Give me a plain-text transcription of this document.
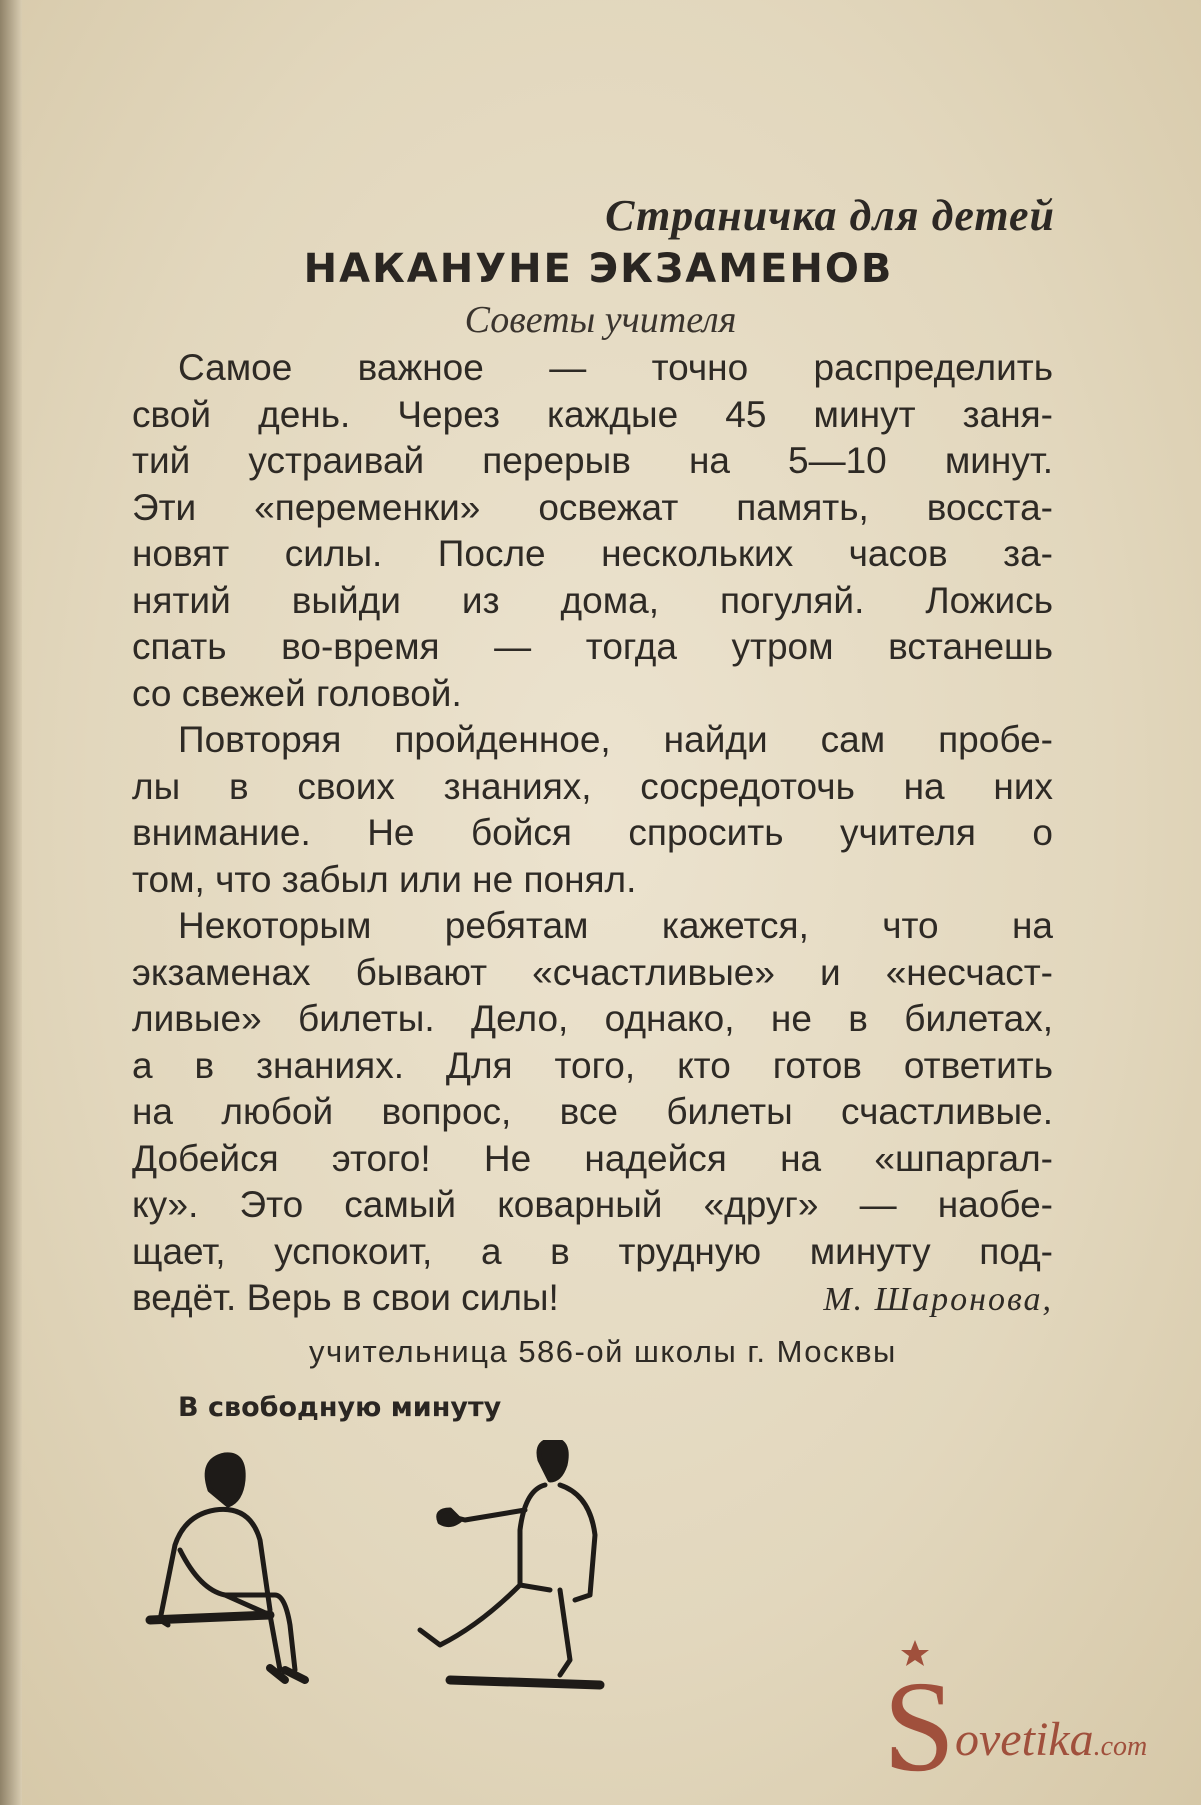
Страничка для детей
НАКАНУНЕ ЭКЗАМЕНОВ
Советы учителя
Самое важное — точно распределить
свой день. Через каждые 45 минут заня-
тий устраивай перерыв на 5—10 минут.
Эти «переменки» освежат память, восста-
новят силы. После нескольких часов за-
нятий выйди из дома, погуляй. Ложись
спать во-время — тогда утром встанешь
со свежей головой.
Повторяя пройденное, найди сам пробе-
лы в своих знаниях, сосредоточь на них
внимание. Не бойся спросить учителя о
том, что забыл или не понял.
Некоторым ребятам кажется, что на
экзаменах бывают «счастливые» и «несчаст-
ливые» билеты. Дело, однако, не в билетах,
а в знаниях. Для того, кто готов ответить
на любой вопрос, все билеты счастливые.
Добейся этого! Не надейся на «шпаргал-
ку». Это самый коварный «друг» — наобе-
щает, успокоит, а в трудную минуту под-
ведёт. Верь в свои силы!	М. Шаронова,
учительница 586-ой школы г. Москвы
В свободную минуту
S ovetika.com
